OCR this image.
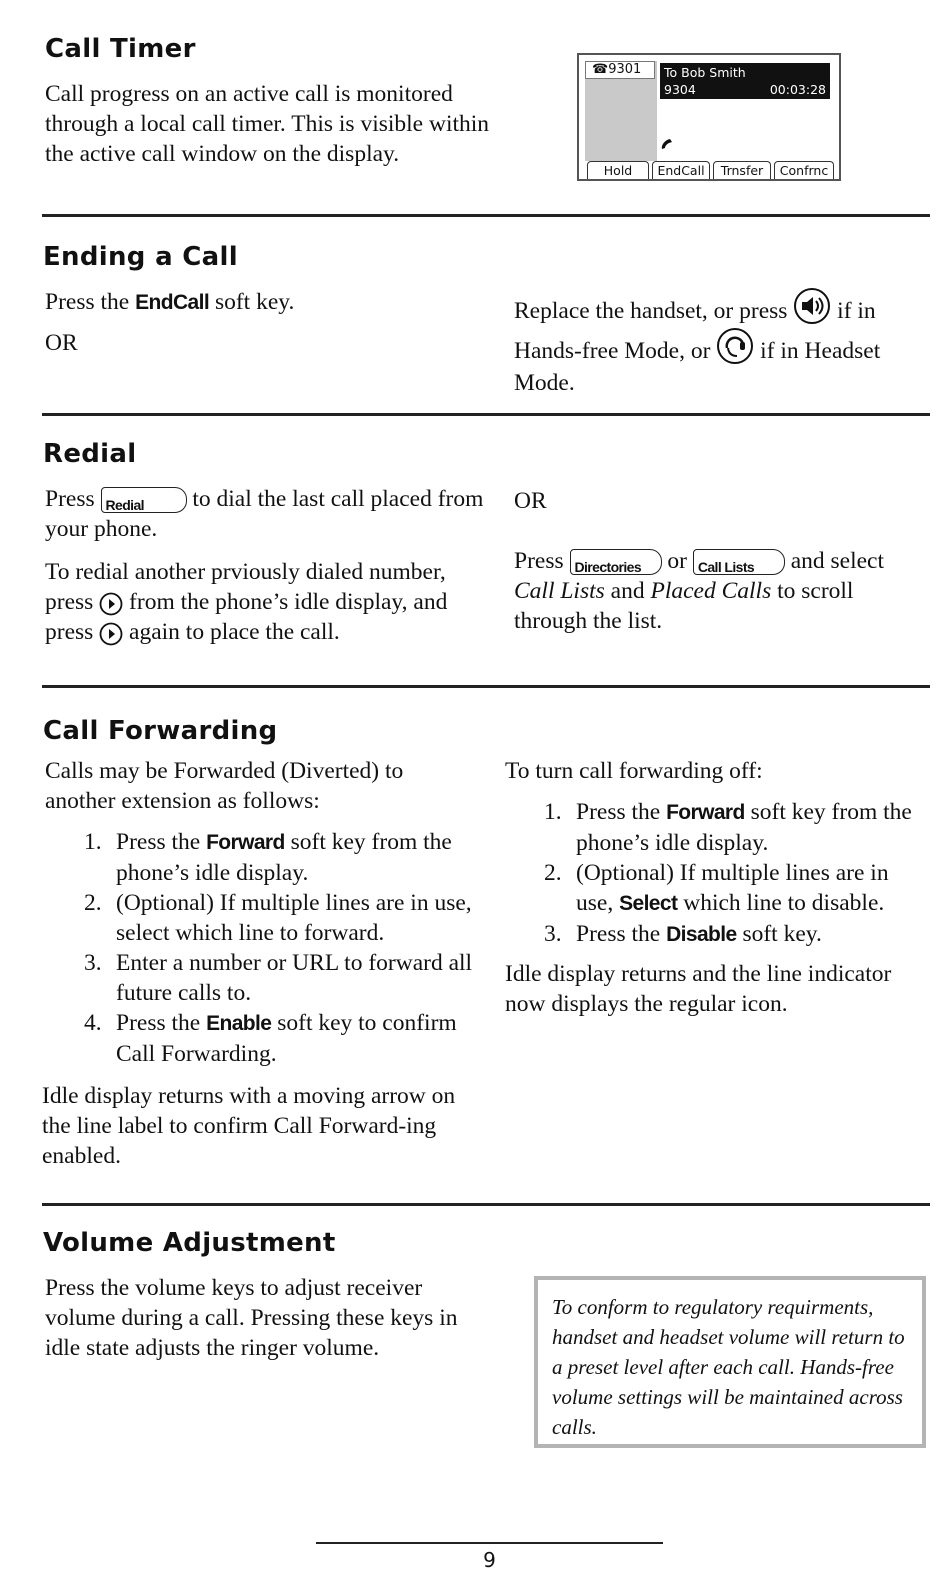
Call Timer
Call progress on an active call is monitored through a local call timer. This is visible within the active call window on the display.
☎9301	To Bob Smith
9304	00:03:28
Hold	EndCall	Trnsfer	Confrnc
Ending a Call
Press the EndCall soft key.
OR
Replace the handset, or press if in Hands-free Mode, or if in Headset Mode.
Redial
Press Redial to dial the last call placed from your phone.
To redial another prviously dialed number, press from the phone’s idle display, and press again to place the call.
OR
Press Directories or Call Lists and select Call Lists and Placed Calls to scroll through the list.
Call Forwarding
Calls may be Forwarded (Diverted) to another extension as follows:
1. Press the Forward soft key from the phone’s idle display.
2. (Optional) If multiple lines are in use, select which line to forward.
3. Enter a number or URL to forward all future calls to.
4. Press the Enable soft key to confirm Call Forwarding.
Idle display returns with a moving arrow on the line label to confirm Call Forward-ing enabled.
To turn call forwarding off:
1. Press the Forward soft key from the phone’s idle display.
2. (Optional) If multiple lines are in use, Select which line to disable.
3. Press the Disable soft key.
Idle display returns and the line indicator now displays the regular icon.
Volume Adjustment
Press the volume keys to adjust receiver volume during a call. Pressing these keys in idle state adjusts the ringer volume.
To conform to regulatory requirments, handset and headset volume will return to a preset level after each call. Hands-free volume settings will be maintained across calls.
9
